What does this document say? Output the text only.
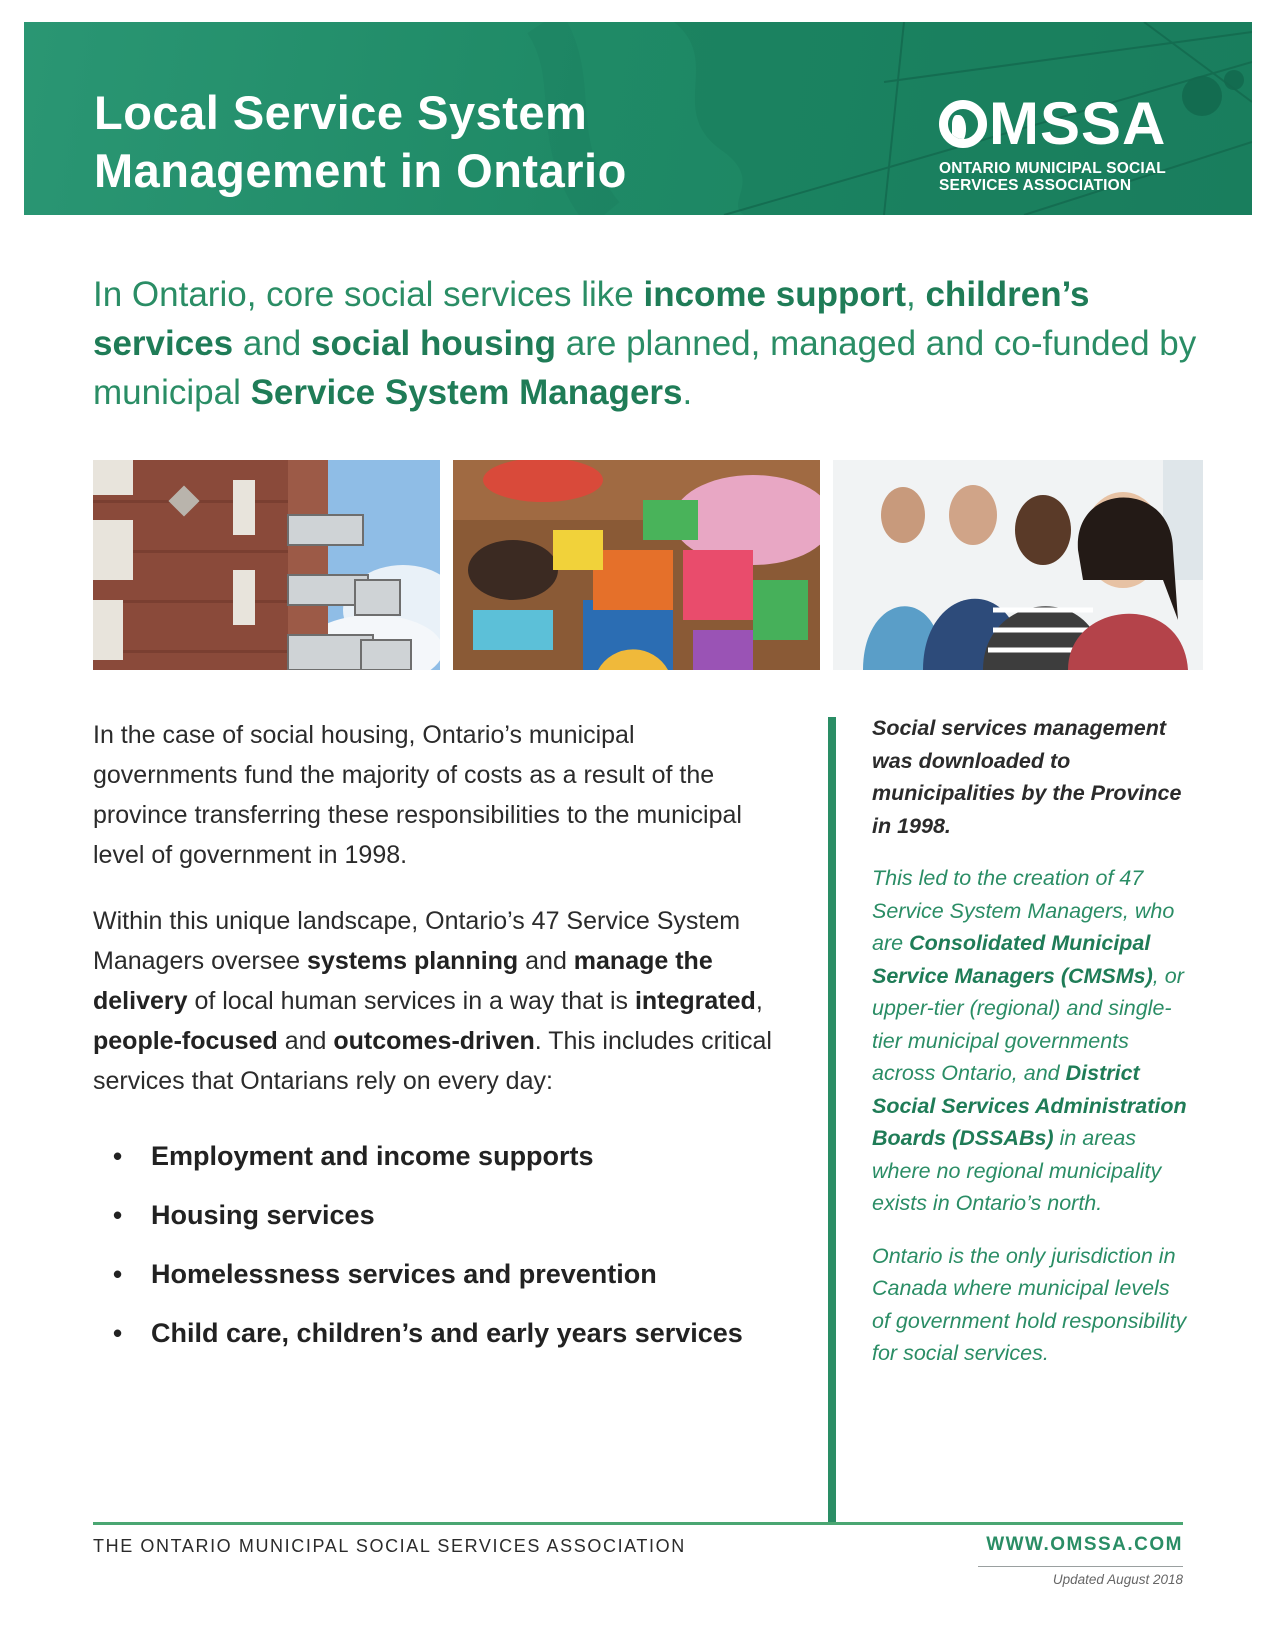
Local Service System
Management in Ontario
MSSA
ONTARIO MUNICIPAL SOCIAL
SERVICES ASSOCIATION

In Ontario, core social services like income support, children’s services and social housing are planned, managed and co-funded by municipal Service System Managers.

In the case of social housing, Ontario’s municipal governments fund the majority of costs as a result of the province transferring these responsibilities to the municipal level of government in 1998.

Within this unique landscape, Ontario’s 47 Service System Managers oversee systems planning and manage the delivery of local human services in a way that is integrated, people-focused and outcomes-driven. This includes critical services that Ontarians rely on every day:

• Employment and income supports
• Housing services
• Homelessness services and prevention
• Child care, children’s and early years services

Social services management was downloaded to municipalities by the Province in 1998.

This led to the creation of 47 Service System Managers, who are Consolidated Municipal Service Managers (CMSMs), or upper-tier (regional) and single-tier municipal governments across Ontario, and District Social Services Administration Boards (DSSABs) in areas where no regional municipality exists in Ontario’s north.

Ontario is the only jurisdiction in Canada where municipal levels of government hold responsibility for social services.

THE ONTARIO MUNICIPAL SOCIAL SERVICES ASSOCIATION	WWW.OMSSA.COM
Updated August 2018
